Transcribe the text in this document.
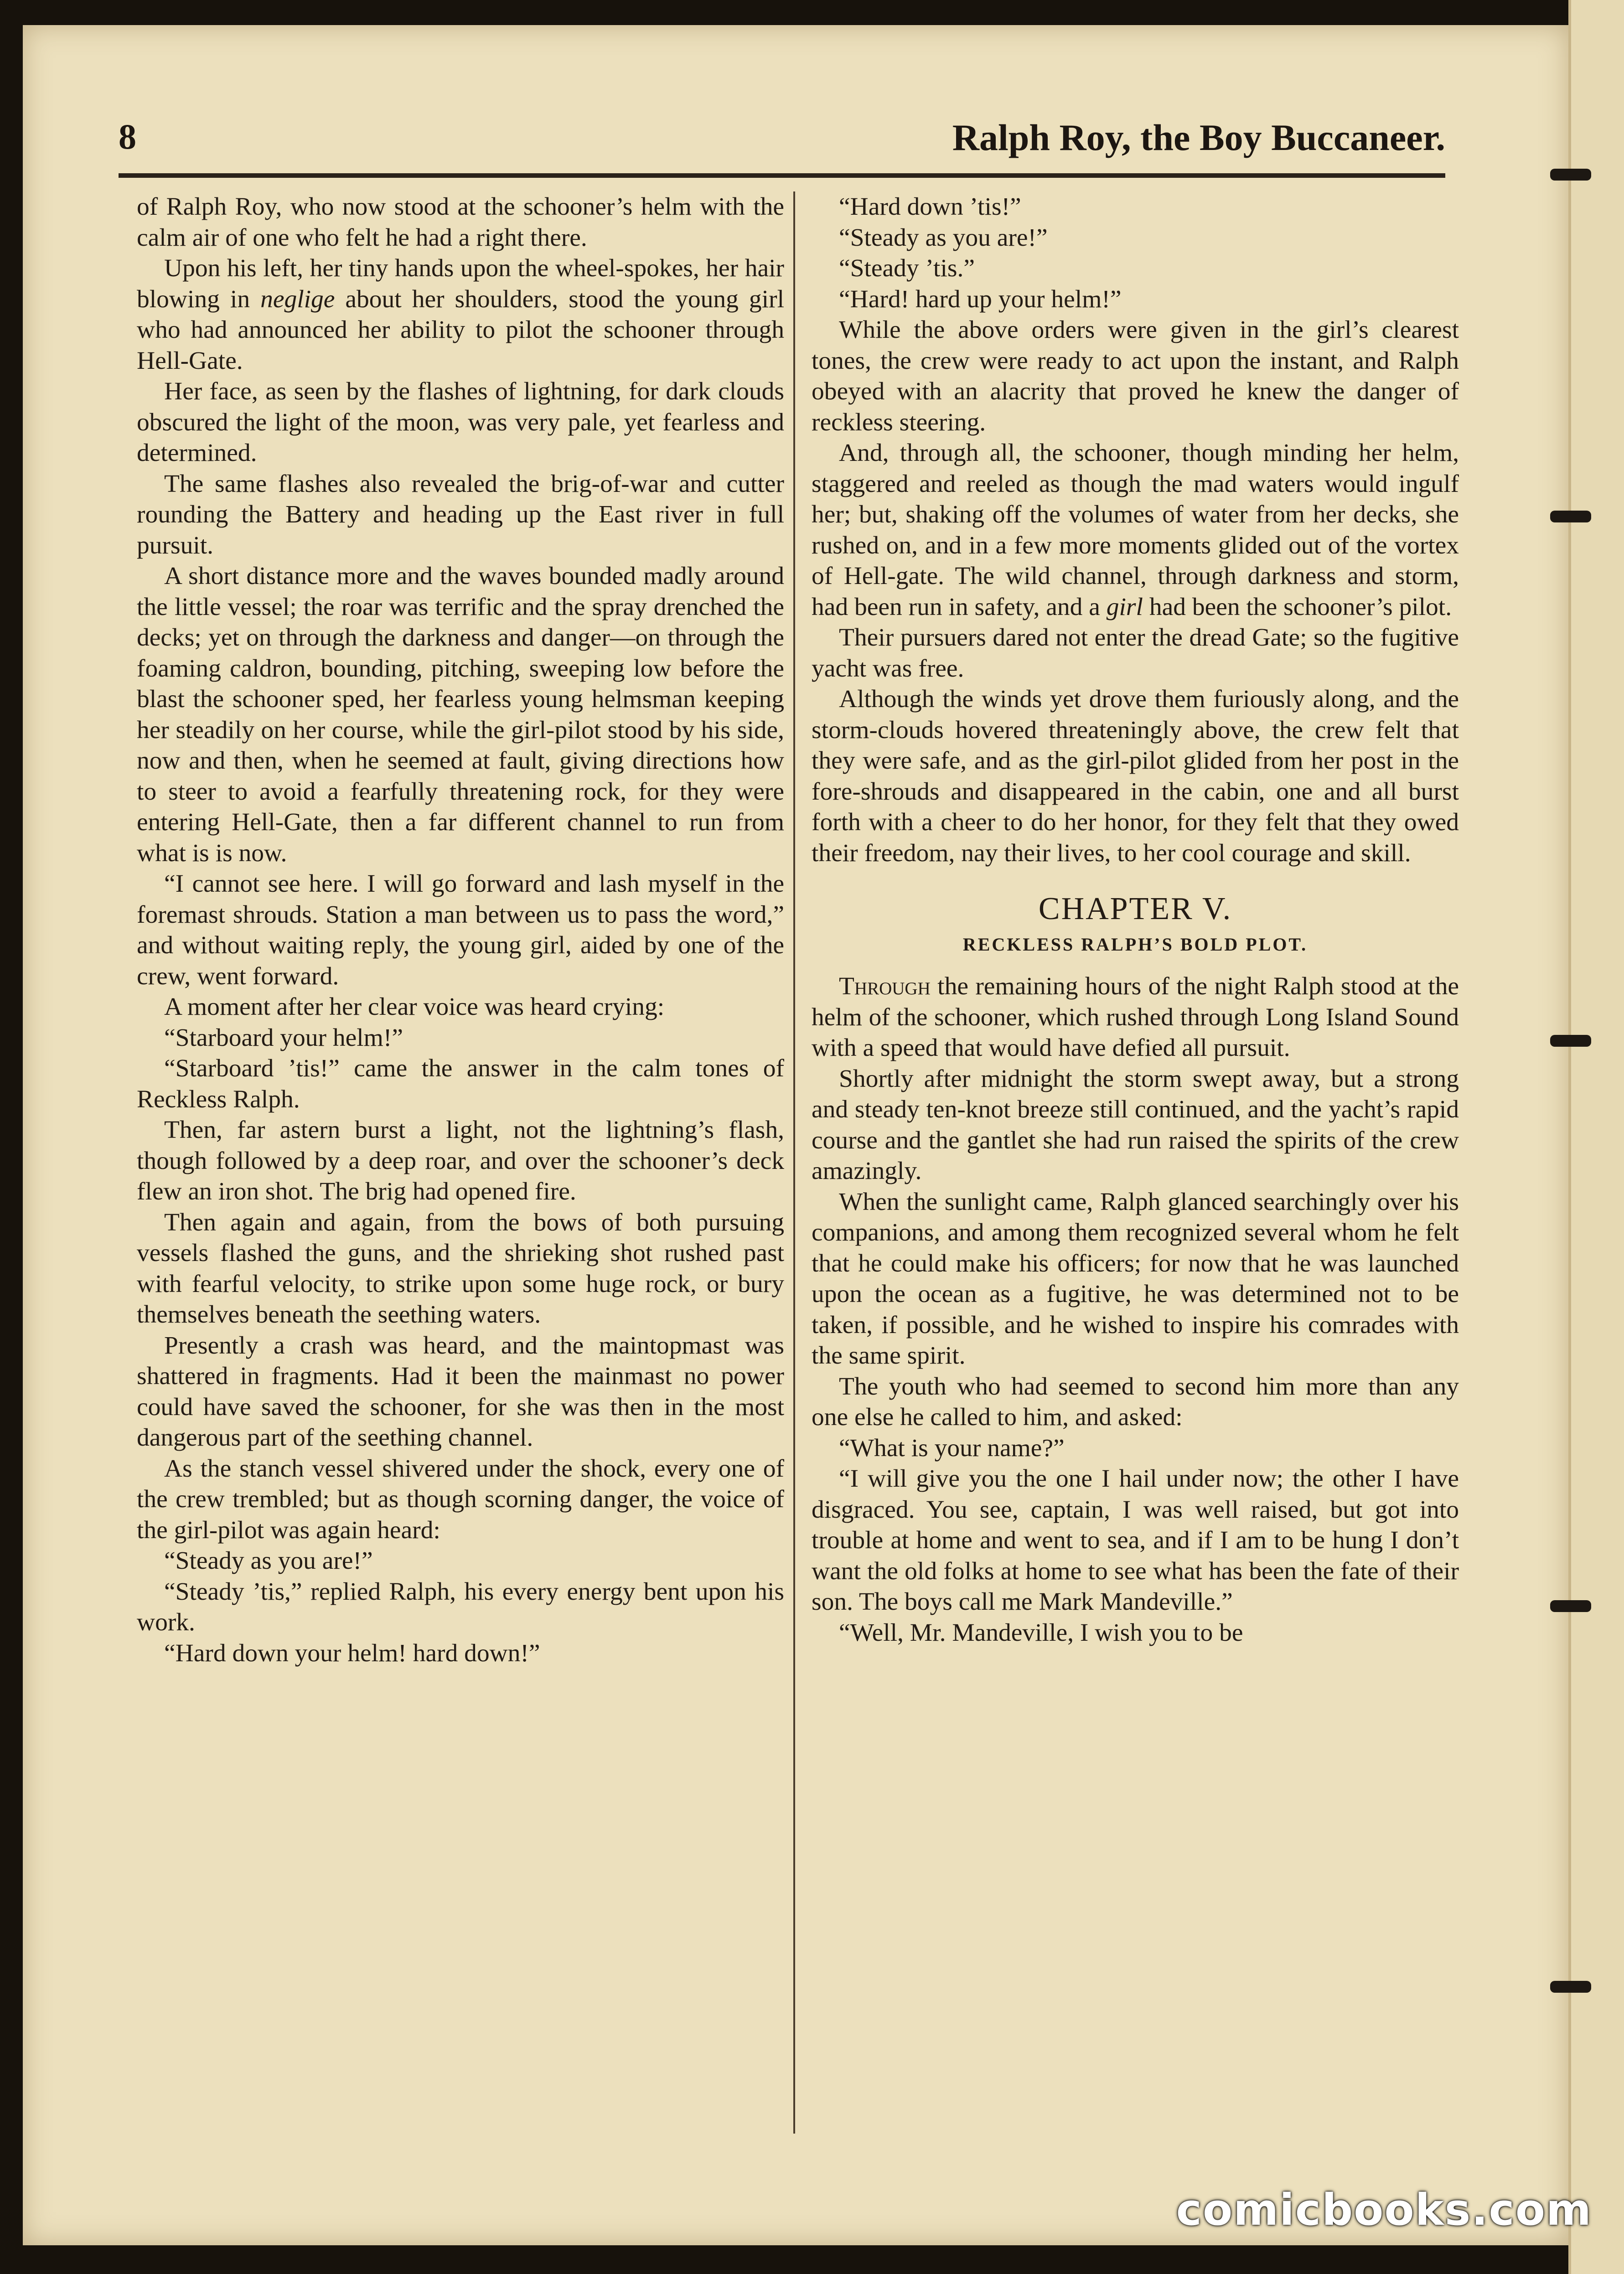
8	Ralph Roy, the Boy Buccaneer.

of Ralph Roy, who now stood at the schooner’s helm with the calm air of one who felt he had a right there.

Upon his left, her tiny hands upon the wheel-spokes, her hair blowing in neglige about her shoulders, stood the young girl who had announced her ability to pilot the schooner through Hell-Gate.

Her face, as seen by the flashes of lightning, for dark clouds obscured the light of the moon, was very pale, yet fearless and determined.

The same flashes also revealed the brig-of-war and cutter rounding the Battery and heading up the East river in full pursuit.

A short distance more and the waves bounded madly around the little vessel; the roar was terrific and the spray drenched the decks; yet on through the darkness and danger—on through the foaming caldron, bounding, pitching, sweeping low before the blast the schooner sped, her fearless young helmsman keeping her steadily on her course, while the girl-pilot stood by his side, now and then, when he seemed at fault, giving directions how to steer to avoid a fearfully threatening rock, for they were entering Hell-Gate, then a far different channel to run from what is is now.

“I cannot see here. I will go forward and lash myself in the foremast shrouds. Station a man between us to pass the word,” and without waiting reply, the young girl, aided by one of the crew, went forward.

A moment after her clear voice was heard crying:

“Starboard your helm!”

“Starboard ’tis!” came the answer in the calm tones of Reckless Ralph.

Then, far astern burst a light, not the lightning’s flash, though followed by a deep roar, and over the schooner’s deck flew an iron shot. The brig had opened fire.

Then again and again, from the bows of both pursuing vessels flashed the guns, and the shrieking shot rushed past with fearful velocity, to strike upon some huge rock, or bury themselves beneath the seething waters.

Presently a crash was heard, and the maintopmast was shattered in fragments. Had it been the mainmast no power could have saved the schooner, for she was then in the most dangerous part of the seething channel.

As the stanch vessel shivered under the shock, every one of the crew trembled; but as though scorning danger, the voice of the girl-pilot was again heard:

“Steady as you are!”

“Steady ’tis,” replied Ralph, his every energy bent upon his work.

“Hard down your helm! hard down!”

“Hard down ’tis!”

“Steady as you are!”

“Steady ’tis.”

“Hard! hard up your helm!”

While the above orders were given in the girl’s clearest tones, the crew were ready to act upon the instant, and Ralph obeyed with an alacrity that proved he knew the danger of reckless steering.

And, through all, the schooner, though minding her helm, staggered and reeled as though the mad waters would ingulf her; but, shaking off the volumes of water from her decks, she rushed on, and in a few more moments glided out of the vortex of Hell-gate. The wild channel, through darkness and storm, had been run in safety, and a girl had been the schooner’s pilot.

Their pursuers dared not enter the dread Gate; so the fugitive yacht was free.

Although the winds yet drove them furiously along, and the storm-clouds hovered threateningly above, the crew felt that they were safe, and as the girl-pilot glided from her post in the fore-shrouds and disappeared in the cabin, one and all burst forth with a cheer to do her honor, for they felt that they owed their freedom, nay their lives, to her cool courage and skill.

CHAPTER V.
RECKLESS RALPH’S BOLD PLOT.

Through the remaining hours of the night Ralph stood at the helm of the schooner, which rushed through Long Island Sound with a speed that would have defied all pursuit.

Shortly after midnight the storm swept away, but a strong and steady ten-knot breeze still continued, and the yacht’s rapid course and the gantlet she had run raised the spirits of the crew amazingly.

When the sunlight came, Ralph glanced searchingly over his companions, and among them recognized several whom he felt that he could make his officers; for now that he was launched upon the ocean as a fugitive, he was determined not to be taken, if possible, and he wished to inspire his comrades with the same spirit.

The youth who had seemed to second him more than any one else he called to him, and asked:

“What is your name?”

“I will give you the one I hail under now; the other I have disgraced. You see, captain, I was well raised, but got into trouble at home and went to sea, and if I am to be hung I don’t want the old folks at home to see what has been the fate of their son. The boys call me Mark Mandeville.”

“Well, Mr. Mandeville, I wish you to be

comicbooks.com
